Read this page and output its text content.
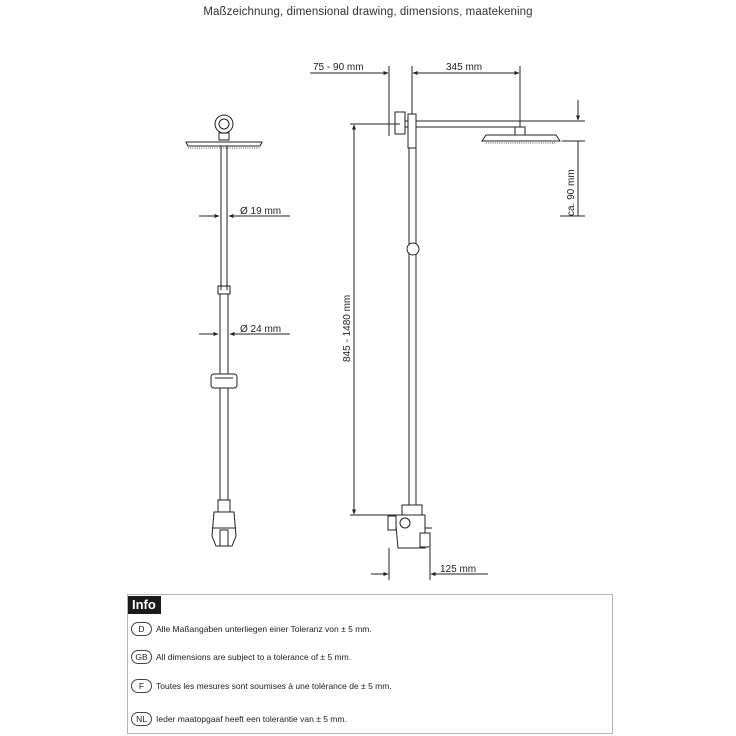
Maßzeichnung, dimensional drawing, dimensions, maatekening
Ø 19 mm
Ø 24 mm
75 - 90 mm	345 mm
ca. 90 mm
845 - 1480 mm
125 mm
Info
D	Alle Maßangaben unterliegen einer Toleranz von ± 5 mm.
GB All dimensions are subject to a tolerance of ± 5 mm.
F	Toutes les mesures sont soumises à une tolérance de ± 5 mm.
NL	Ieder maatopgaaf heeft een tolerantie van ± 5 mm.
